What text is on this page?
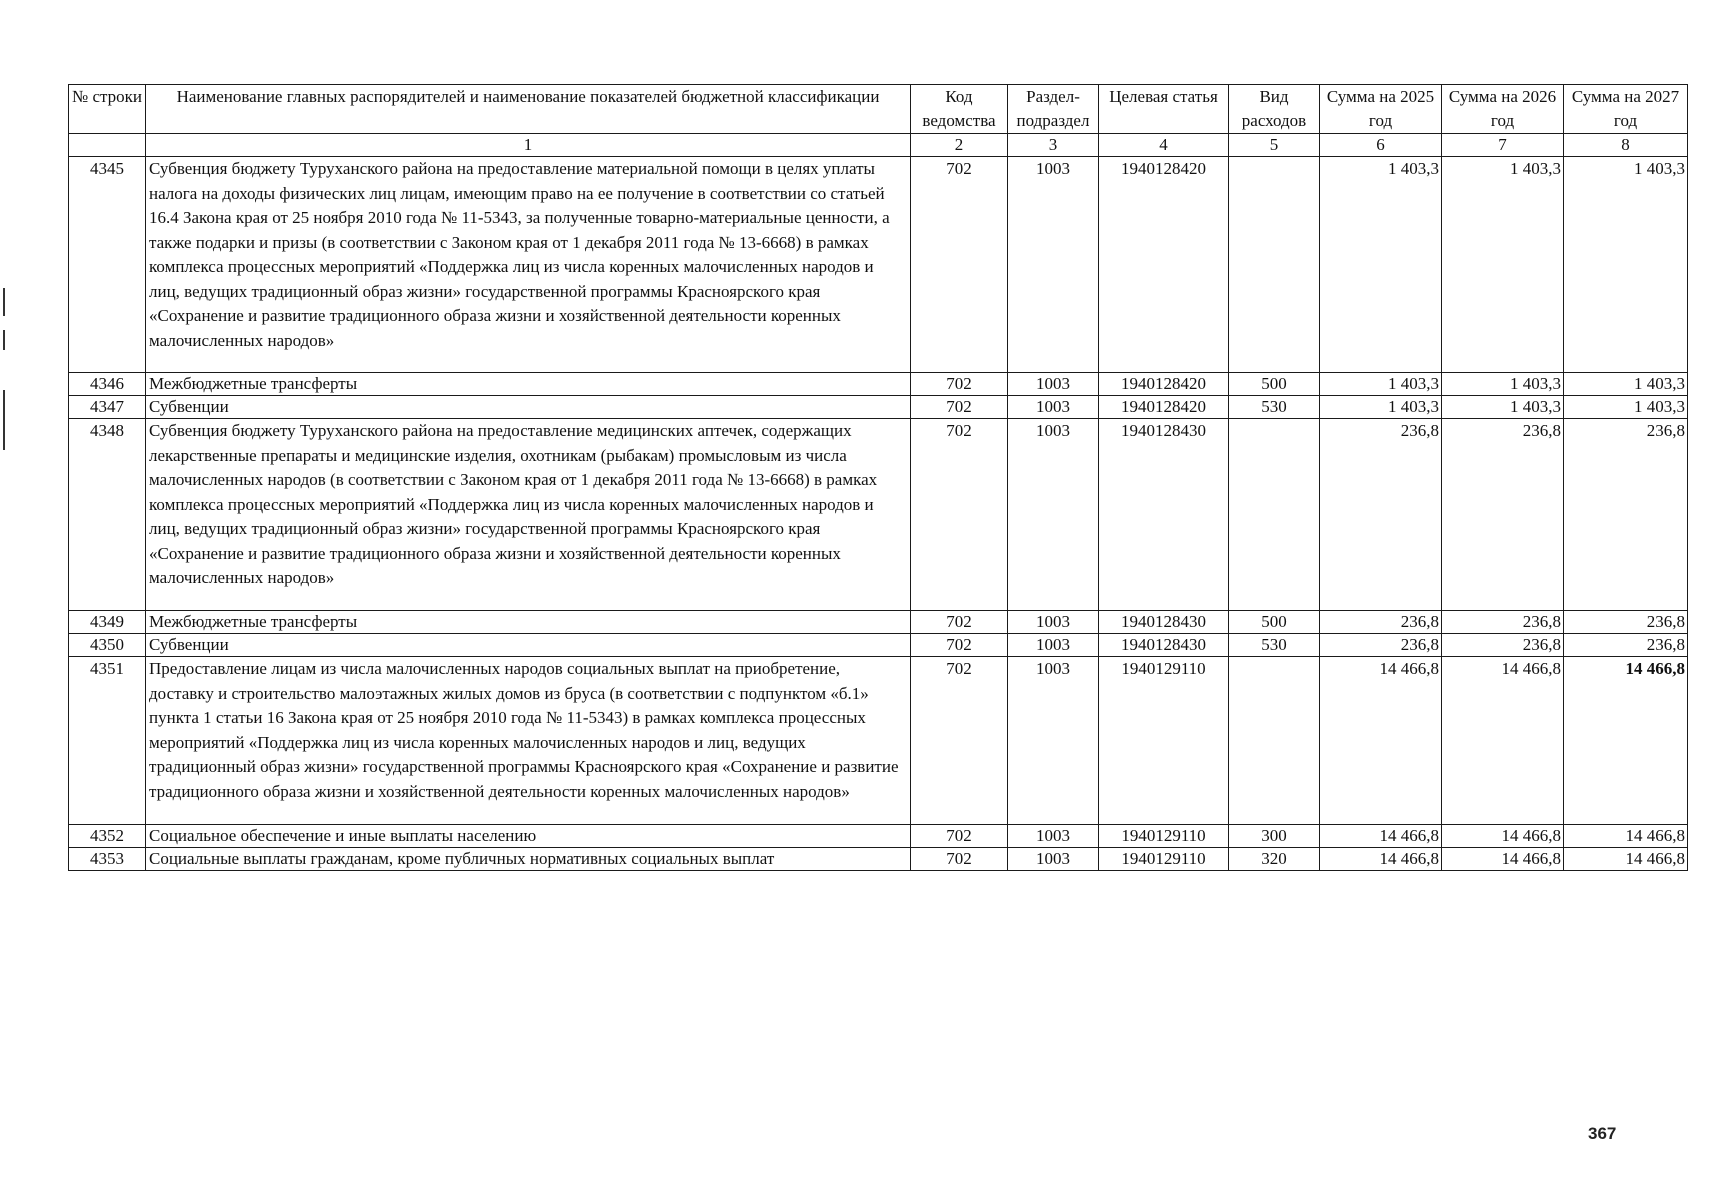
№ строки	Наименование главных распорядителей и наименование показателей бюджетной классификации	Код ведомства	Раздел-подраздел	Целевая статья	Вид расходов	Сумма на 2025 год	Сумма на 2026 год	Сумма на 2027 год
	1	2	3	4	5	6	7	8
4345	Субвенция бюджету Туруханского района на предоставление материальной помощи в целях уплаты налога на доходы физических лиц лицам, имеющим право на ее получение в соответствии со статьей 16.4 Закона края от 25 ноября 2010 года № 11-5343, за полученные товарно-материальные ценности, а также подарки и призы (в соответствии с Законом края от 1 декабря 2011 года № 13-6668) в рамках комплекса процессных мероприятий «Поддержка лиц из числа коренных малочисленных народов и лиц, ведущих традиционный образ жизни» государственной программы Красноярского края «Сохранение и развитие традиционного образа жизни и хозяйственной деятельности коренных малочисленных народов»	702	1003	1940128420		1 403,3	1 403,3	1 403,3
4346	Межбюджетные трансферты	702	1003	1940128420	500	1 403,3	1 403,3	1 403,3
4347	Субвенции	702	1003	1940128420	530	1 403,3	1 403,3	1 403,3
4348	Субвенция бюджету Туруханского района на предоставление медицинских аптечек, содержащих лекарственные препараты и медицинские изделия, охотникам (рыбакам) промысловым из числа малочисленных народов (в соответствии с Законом края от 1 декабря 2011 года № 13-6668) в рамках комплекса процессных мероприятий «Поддержка лиц из числа коренных малочисленных народов и лиц, ведущих традиционный образ жизни» государственной программы Красноярского края «Сохранение и развитие традиционного образа жизни и хозяйственной деятельности коренных малочисленных народов»	702	1003	1940128430		236,8	236,8	236,8
4349	Межбюджетные трансферты	702	1003	1940128430	500	236,8	236,8	236,8
4350	Субвенции	702	1003	1940128430	530	236,8	236,8	236,8
4351	Предоставление лицам из числа малочисленных народов социальных выплат на приобретение, доставку и строительство малоэтажных жилых домов из бруса (в соответствии с подпунктом «б.1» пункта 1 статьи 16 Закона края от 25 ноября 2010 года № 11-5343) в рамках комплекса процессных мероприятий «Поддержка лиц из числа коренных малочисленных народов и лиц, ведущих традиционный образ жизни» государственной программы Красноярского края «Сохранение и развитие традиционного образа жизни и хозяйственной деятельности коренных малочисленных народов»	702	1003	1940129110		14 466,8	14 466,8	14 466,8
4352	Социальное обеспечение и иные выплаты населению	702	1003	1940129110	300	14 466,8	14 466,8	14 466,8
4353	Социальные выплаты гражданам, кроме публичных нормативных социальных выплат	702	1003	1940129110	320	14 466,8	14 466,8	14 466,8
367
